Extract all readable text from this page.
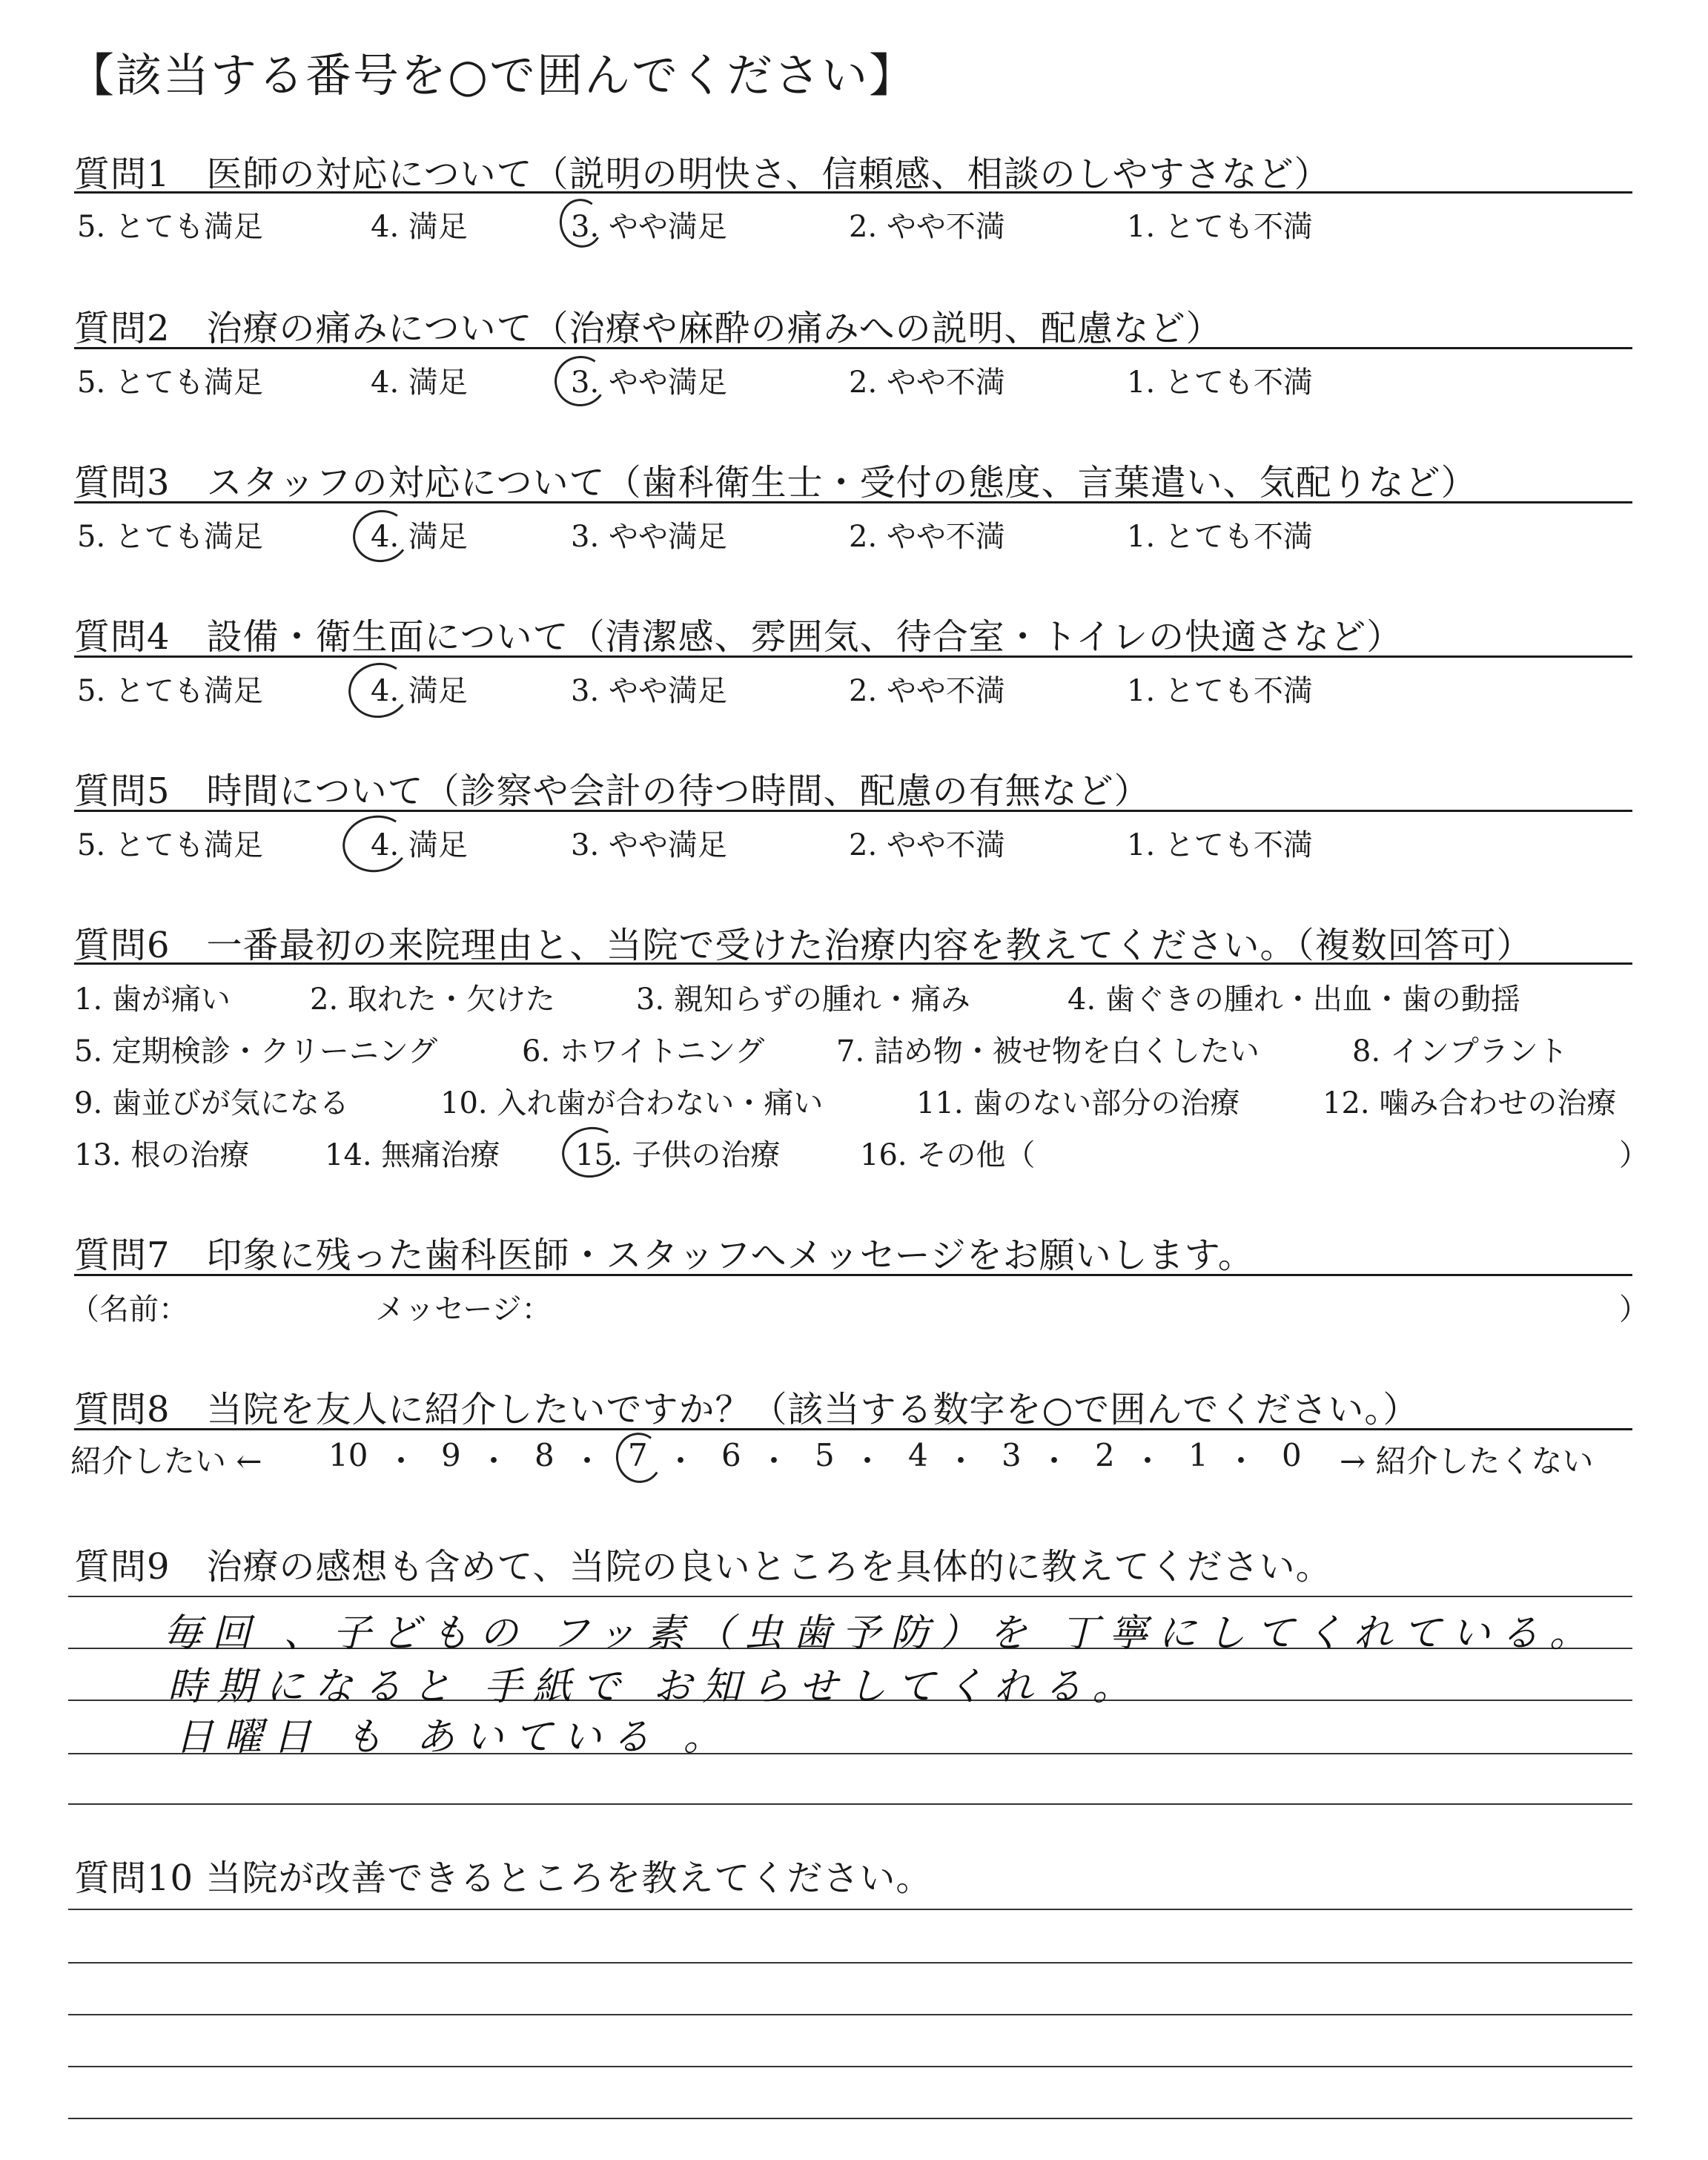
【該当する番号を○で囲んでください】
質問1　医師の対応について（説明の明快さ、信頼感、相談のしやすさなど）
5. とても満足	4. 満足	3. やや満足	2. やや不満	1. とても不満
質問2　治療の痛みについて（治療や麻酔の痛みへの説明、配慮など）
5. とても満足	4. 満足	3. やや満足	2. やや不満	1. とても不満
質問3　スタッフの対応について（歯科衛生士・受付の態度、言葉遣い、気配りなど）
5. とても満足	4. 満足	3. やや満足	2. やや不満	1. とても不満
質問4　設備・衛生面について（清潔感、雰囲気、待合室・トイレの快適さなど）
5. とても満足	4. 満足	3. やや満足	2. やや不満	1. とても不満
質問5　時間について（診察や会計の待つ時間、配慮の有無など）
5. とても満足	4. 満足	3. やや満足	2. やや不満	1. とても不満
質問6　一番最初の来院理由と、当院で受けた治療内容を教えてください。（複数回答可）
1. 歯が痛い	2. 取れた・欠けた	3. 親知らずの腫れ・痛み	4. 歯ぐきの腫れ・出血・歯の動揺
5. 定期検診・クリーニング	6. ホワイトニング 7. 詰め物・被せ物を白くしたい	8. インプラント
9. 歯並びが気になる	10. 入れ歯が合わない・痛い	11. 歯のない部分の治療	12. 噛み合わせの治療
13. 根の治療	14. 無痛治療	15. 子供の治療	16. その他（	）
質問7　印象に残った歯科医師・スタッフへメッセージをお願いします。
（名前：	メッセージ：	）
質問8　当院を友人に紹介したいですか？（該当する数字を○で囲んでください。）
紹介したい ← 10 ・ 9 ・ 8 ・ 7 ・ 6 ・ 5 ・ 4 ・ 3 ・ 2 ・ 1 ・ 0 → 紹介したくない
質問9　治療の感想も含めて、当院の良いところを具体的に教えてください。
毎回 、子どもの フッ素（虫歯予防）を 丁寧にしてくれている。
時期になると 手紙で お知らせしてくれる。
日曜日 も あいている 。
質問10 当院が改善できるところを教えてください。
